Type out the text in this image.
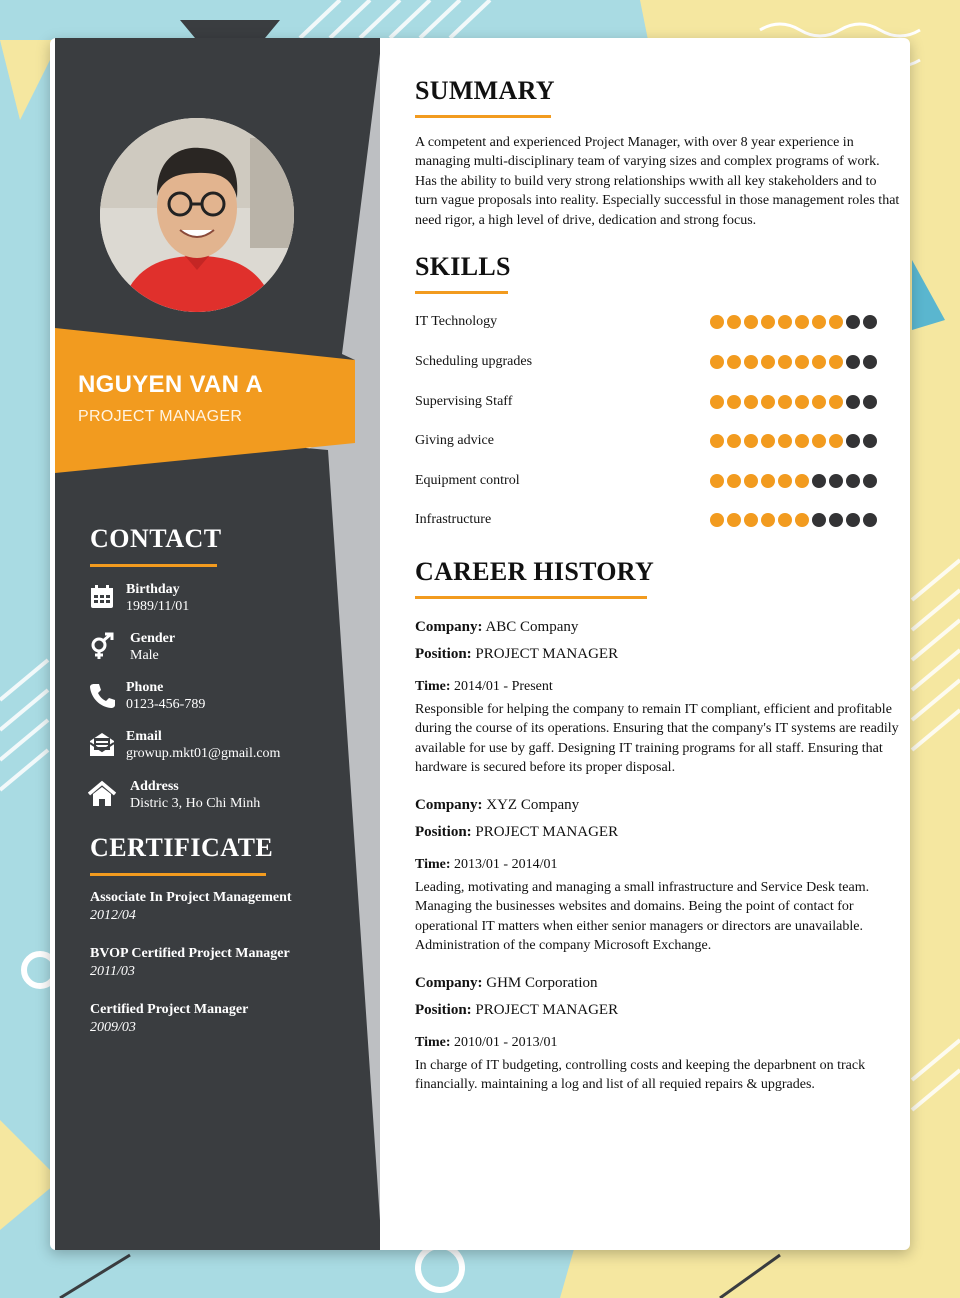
NGUYEN VAN A
PROJECT MANAGER
CONTACT
Birthday
1989/11/01
Gender
Male
Phone
0123-456-789
Email
growup.mkt01@gmail.com
Address
Distric 3, Ho Chi Minh
CERTIFICATE
Associate In Project Management
2012/04
BVOP Certified Project Manager
2011/03
Certified Project Manager
2009/03
SUMMARY
A competent and experienced Project Manager, with over 8 year experience in managing multi-disciplinary team of varying sizes and complex programs of work. Has the ability to build very strong relationships wwith all key stakeholders and to turn vague proposals into reality. Especially successful in those management roles that need rigor, a high level of drive, dedication and strong focus.
SKILLS
IT Technology
Scheduling upgrades
Supervising Staff
Giving advice
Equipment control
Infrastructure
CAREER HISTORY
Company: ABC Company
Position: PROJECT MANAGER
Time: 2014/01 - Present
Responsible for helping the company to remain IT compliant, efficient and profitable during the course of its operations. Ensuring that the company's IT systems are readily available for use by gaff. Designing IT training programs for all staff. Ensuring that hardware is secured before its proper disposal.
Company: XYZ Company
Position: PROJECT MANAGER
Time: 2013/01 - 2014/01
Leading, motivating and managing a small infrastructure and Service Desk team. Managing the businesses websites and domains. Being the point of contact for operational IT matters when either senior managers or directors are unavailable. Administration of the company Microsoft Exchange.
Company: GHM Corporation
Position: PROJECT MANAGER
Time: 2010/01 - 2013/01
In charge of IT budgeting, controlling costs and keeping the deparbnent on track financially. maintaining a log and list of all requied repairs & upgrades.
